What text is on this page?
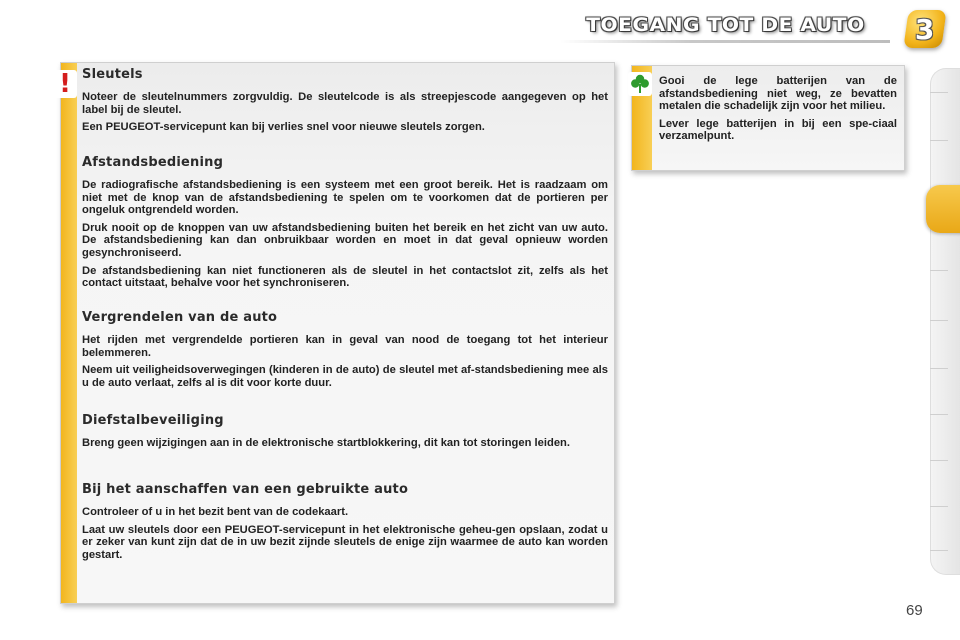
TOEGANG TOT DE AUTO 3
! Sleutels

Noteer de sleutelnummers zorgvuldig. De sleutelcode is als streepjescode aangegeven op het label bij de sleutel.

Een PEUGEOT-servicepunt kan bij verlies snel voor nieuwe sleutels zorgen.

Afstandsbediening

De radiografische afstandsbediening is een systeem met een groot bereik. Het is raadzaam om niet met de knop van de afstandsbediening te spelen om te voorkomen dat de portieren per ongeluk ontgrendeld worden.

Druk nooit op de knoppen van uw afstandsbediening buiten het bereik en het zicht van uw auto. De afstandsbediening kan dan onbruikbaar worden en moet in dat geval opnieuw worden gesynchroniseerd.

De afstandsbediening kan niet functioneren als de sleutel in het contactslot zit, zelfs als het contact uitstaat, behalve voor het synchroniseren.

Vergrendelen van de auto

Het rijden met vergrendelde portieren kan in geval van nood de toegang tot het interieur belemmeren.

Neem uit veiligheidsoverwegingen (kinderen in de auto) de sleutel met af-standsbediening mee als u de auto verlaat, zelfs al is dit voor korte duur.

Diefstalbeveiliging

Breng geen wijzigingen aan in de elektronische startblokkering, dit kan tot storingen leiden.

Bij het aanschaffen van een gebruikte auto

Controleer of u in het bezit bent van de codekaart.

Laat uw sleutels door een PEUGEOT-servicepunt in het elektronische geheu-gen opslaan, zodat u er zeker van kunt zijn dat de in uw bezit zijnde sleutels de enige zijn waarmee de auto kan worden gestart.

Gooi de lege batterijen van de afstandsbediening niet weg, ze bevatten metalen die schadelijk zijn voor het milieu.

Lever lege batterijen in bij een spe-ciaal verzamelpunt.

69
